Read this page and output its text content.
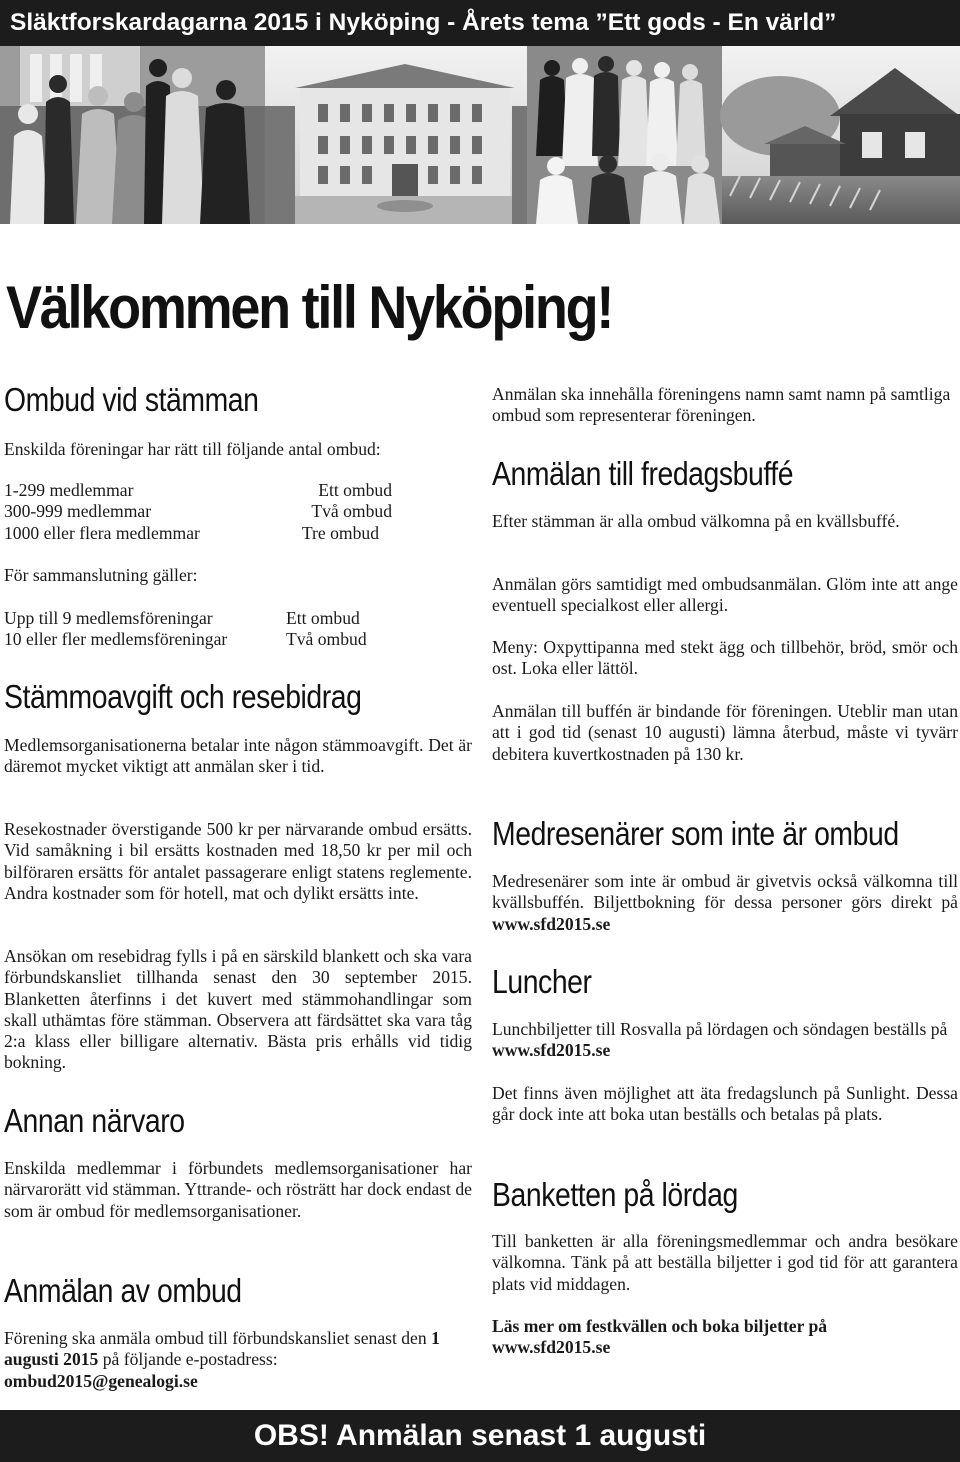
Släktforskardagarna 2015 i Nyköping - Årets tema ”Ett gods - En värld”
Välkommen till Nyköping!
Ombud vid stämman

Enskilda föreningar har rätt till följande antal ombud:

1-299 medlemmar	Ett ombud
300-999 medlemmar	Två ombud
1000 eller flera medlemmar	Tre ombud

För sammanslutning gäller:

Upp till 9 medlemsföreningar	Ett ombud
10 eller fler medlemsföreningar	Två ombud
Stämmoavgift och resebidrag

Medlemsorganisationerna betalar inte någon stämmoavgift. Det är däremot mycket viktigt att anmälan sker i tid.

Resekostnader överstigande 500 kr per närvarande ombud ersätts. Vid samåkning i bil ersätts kostnaden med 18,50 kr per mil och bilföraren ersätts för antalet passagerare enligt statens reglemente. Andra kostnader som för hotell, mat och dylikt ersätts inte.

Ansökan om resebidrag fylls i på en särskild blankett och ska vara förbundskansliet tillhanda senast den 30 september 2015. Blanketten återfinns i det kuvert med stämmohandlingar som skall uthämtas före stämman. Observera att färdsättet ska vara tåg 2:a klass eller billigare alternativ. Bästa pris erhålls vid tidig bokning.

Annan närvaro

Enskilda medlemmar i förbundets medlemsorganisationer har närvarorätt vid stämman. Yttrande- och rösträtt har dock endast de som är ombud för medlemsorganisationer.

Anmälan av ombud

Förening ska anmäla ombud till förbundskansliet senast den 1 augusti 2015 på följande e-postadress:
ombud2015@genealogi.se

Anmälan ska innehålla föreningens namn samt namn på samtliga ombud som representerar föreningen.

Anmälan till fredagsbuffé

Efter stämman är alla ombud välkomna på en kvällsbuffé.

Anmälan görs samtidigt med ombudsanmälan. Glöm inte att ange eventuell specialkost eller allergi.

Meny: Oxpyttipanna med stekt ägg och tillbehör, bröd, smör och ost. Loka eller lättöl.

Anmälan till buffén är bindande för föreningen. Uteblir man utan att i god tid (senast 10 augusti) lämna återbud, måste vi tyvärr debitera kuvertkostnaden på 130 kr.

Medresenärer som inte är ombud

Medresenärer som inte är ombud är givetvis också välkomna till kvällsbuffén. Biljettbokning för dessa personer görs direkt på www.sfd2015.se

Luncher

Lunchbiljetter till Rosvalla på lördagen och söndagen beställs på www.sfd2015.se

Det finns även möjlighet att äta fredagslunch på Sunlight. Dessa går dock inte att boka utan beställs och betalas på plats.

Banketten på lördag

Till banketten är alla föreningsmedlemmar och andra besökare välkomna. Tänk på att beställa biljetter i god tid för att garantera plats vid middagen.

Läs mer om festkvällen och boka biljetter på www.sfd2015.se

OBS! Anmälan senast 1 augusti
